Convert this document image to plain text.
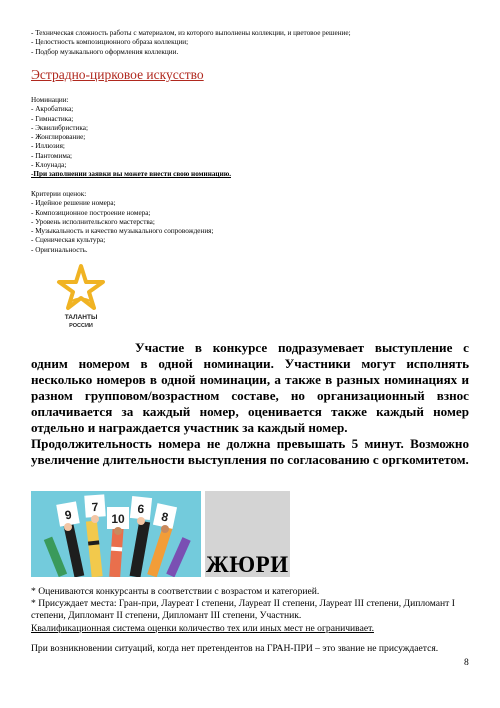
- Техническая сложность работы с материалом, из которого выполнены коллекции, и цветовое решение;
- Целостность композиционного образа коллекции;
- Подбор музыкального оформления коллекции.
Эстрадно-цирковое искусство
Номинации:
- Акробатика;
- Гимнастика;
- Эквилибристика;
- Жонглирование;
- Иллюзия;
- Пантомима;
- Клоунада;
-При заполнении заявки вы можете внести свою номинацию.
Критерии оценок:
- Идейное решение номера;
- Композиционное построение номера;
- Уровень исполнительского мастерства;
- Музыкальность и качество музыкального сопровождения;
- Сценическая культура;
- Оригинальность.
ТАЛАНТЫ
РОССИИ

Участие в конкурсе подразумевает выступление с одним номером в одной номинации. Участники могут исполнять несколько номеров в одной номинации, а также в разных номинациях и разном групповом/возрастном составе, но организационный взнос оплачивается за каждый номер, оценивается также каждый номер отдельно и награждается участник за каждый номер.

Продолжительность номера не должна превышать 5 минут. Возможно увеличение длительности выступления по согласованию с оргкомитетом.

9
7	6
8
10
ЖЮРИ

* Оцениваются конкурсанты в соответствии с возрастом и категорией.

* Присуждает места: Гран-при, Лауреат I степени, Лауреат II степени, Лауреат III степени, Дипломант I степени, Дипломант II степени, Дипломант III степени, Участник.

Квалификационная система оценки количество тех или иных мест не ограничивает.

При возникновении ситуаций, когда нет претендентов на ГРАН-ПРИ – это звание не присуждается.
8
